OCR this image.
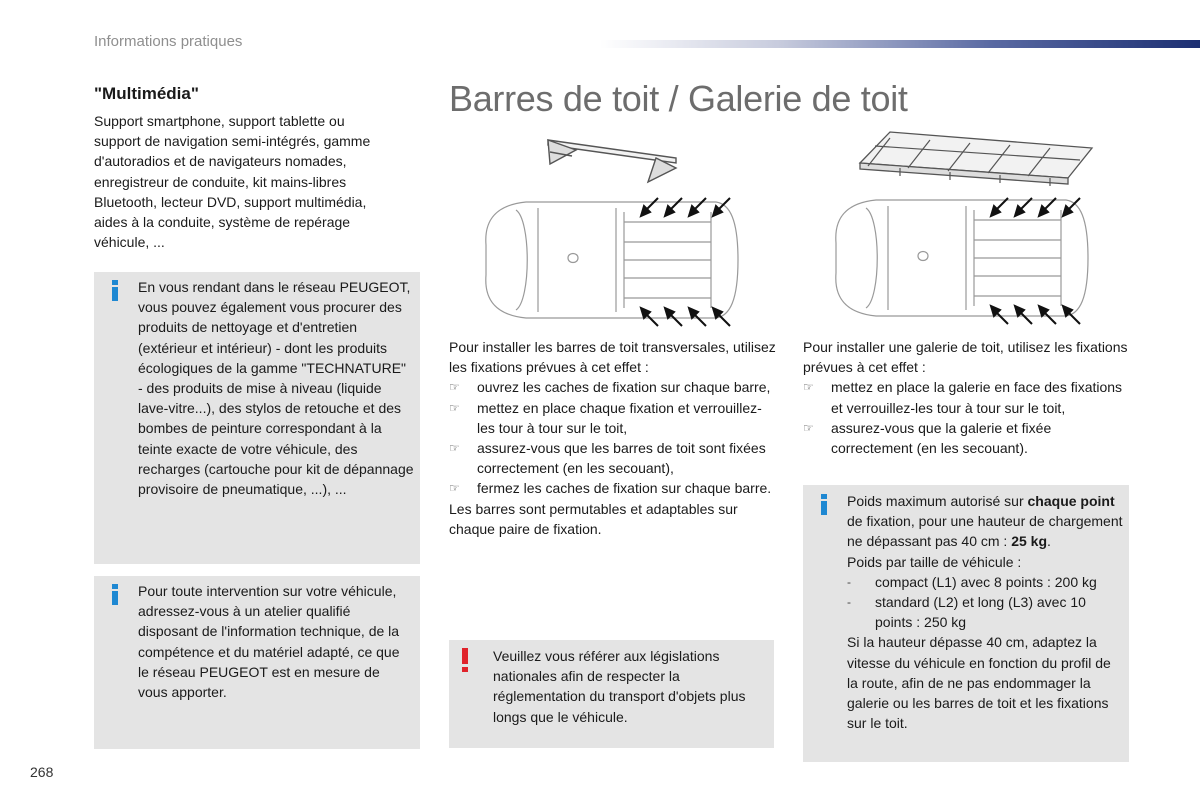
Informations pratiques
"Multimédia"
Support smartphone, support tablette ou support de navigation semi-intégrés, gamme d'autoradios et de navigateurs nomades, enregistreur de conduite, kit mains-libres Bluetooth, lecteur DVD, support multimédia, aides à la conduite, système de repérage véhicule, ...
En vous rendant dans le réseau PEUGEOT, vous pouvez également vous procurer des produits de nettoyage et d'entretien (extérieur et intérieur) - dont les produits écologiques de la gamme "TECHNATURE" - des produits de mise à niveau (liquide lave-vitre...), des stylos de retouche et des bombes de peinture correspondant à la teinte exacte de votre véhicule, des recharges (cartouche pour kit de dépannage provisoire de pneumatique, ...), ...
Pour toute intervention sur votre véhicule, adressez-vous à un atelier qualifié disposant de l'information technique, de la compétence et du matériel adapté, ce que le réseau PEUGEOT est en mesure de vous apporter.
Barres de toit / Galerie de toit
Pour installer les barres de toit transversales, utilisez les fixations prévues à cet effet :
☞ ouvrez les caches de fixation sur chaque barre,
☞ mettez en place chaque fixation et verrouillez-les tour à tour sur le toit,
☞ assurez-vous que les barres de toit sont fixées correctement (en les secouant),
☞ fermez les caches de fixation sur chaque barre.
Les barres sont permutables et adaptables sur chaque paire de fixation.
Veuillez vous référer aux législations nationales afin de respecter la réglementation du transport d'objets plus longs que le véhicule.
Pour installer une galerie de toit, utilisez les fixations prévues à cet effet :
☞ mettez en place la galerie en face des fixations et verrouillez-les tour à tour sur le toit,
☞ assurez-vous que la galerie et fixée correctement (en les secouant).
Poids maximum autorisé sur chaque point de fixation, pour une hauteur de chargement ne dépassant pas 40 cm : 25 kg.
Poids par taille de véhicule :
- compact (L1) avec 8 points : 200 kg
- standard (L2) et long (L3) avec 10 points : 250 kg
Si la hauteur dépasse 40 cm, adaptez la vitesse du véhicule en fonction du profil de la route, afin de ne pas endommager la galerie ou les barres de toit et les fixations sur le toit.
268
